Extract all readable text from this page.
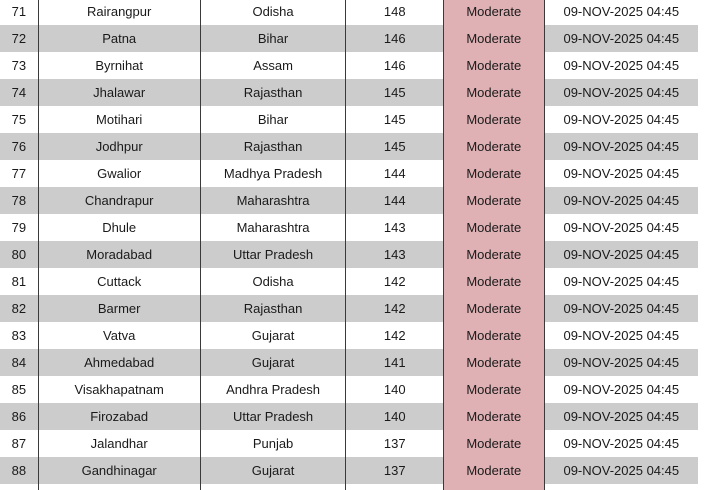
71	Rairangpur	Odisha	148	Moderate	09-NOV-2025 04:45
72	Patna	Bihar	146	Moderate	09-NOV-2025 04:45
73	Byrnihat	Assam	146	Moderate	09-NOV-2025 04:45
74	Jhalawar	Rajasthan	145	Moderate	09-NOV-2025 04:45
75	Motihari	Bihar	145	Moderate	09-NOV-2025 04:45
76	Jodhpur	Rajasthan	145	Moderate	09-NOV-2025 04:45
77	Gwalior	Madhya Pradesh	144	Moderate	09-NOV-2025 04:45
78	Chandrapur	Maharashtra	144	Moderate	09-NOV-2025 04:45
79	Dhule	Maharashtra	143	Moderate	09-NOV-2025 04:45
80	Moradabad	Uttar Pradesh	143	Moderate	09-NOV-2025 04:45
81	Cuttack	Odisha	142	Moderate	09-NOV-2025 04:45
82	Barmer	Rajasthan	142	Moderate	09-NOV-2025 04:45
83	Vatva	Gujarat	142	Moderate	09-NOV-2025 04:45
84	Ahmedabad	Gujarat	141	Moderate	09-NOV-2025 04:45
85	Visakhapatnam	Andhra Pradesh	140	Moderate	09-NOV-2025 04:45
86	Firozabad	Uttar Pradesh	140	Moderate	09-NOV-2025 04:45
87	Jalandhar	Punjab	137	Moderate	09-NOV-2025 04:45
88	Gandhinagar	Gujarat	137	Moderate	09-NOV-2025 04:45
